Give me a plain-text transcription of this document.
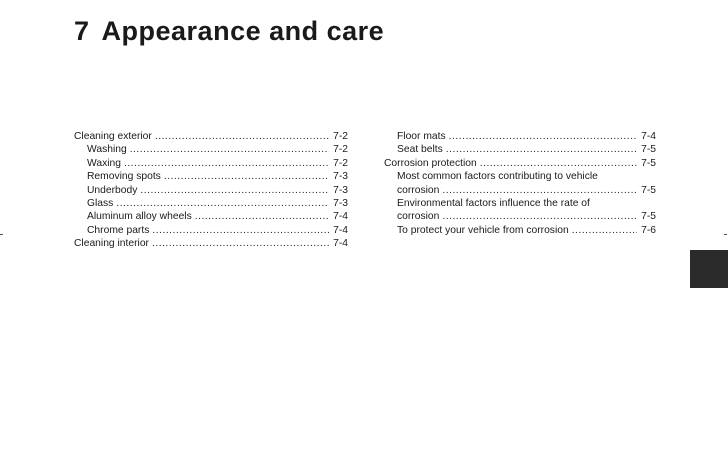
7 Appearance and care
Cleaning exterior .....	7-2
Washing .....	7-2
Waxing .....	7-2
Removing spots .....	7-3
Underbody .....	7-3
Glass .....	7-3
Aluminum alloy wheels .....	7-4
Chrome parts .....	7-4
Cleaning interior .....	7-4
Floor mats .....	7-4
Seat belts .....	7-5
Corrosion protection .....	7-5
Most common factors contributing to vehicle
corrosion .....	7-5
Environmental factors influence the rate of
corrosion .....	7-5
To protect your vehicle from corrosion .....	7-6
